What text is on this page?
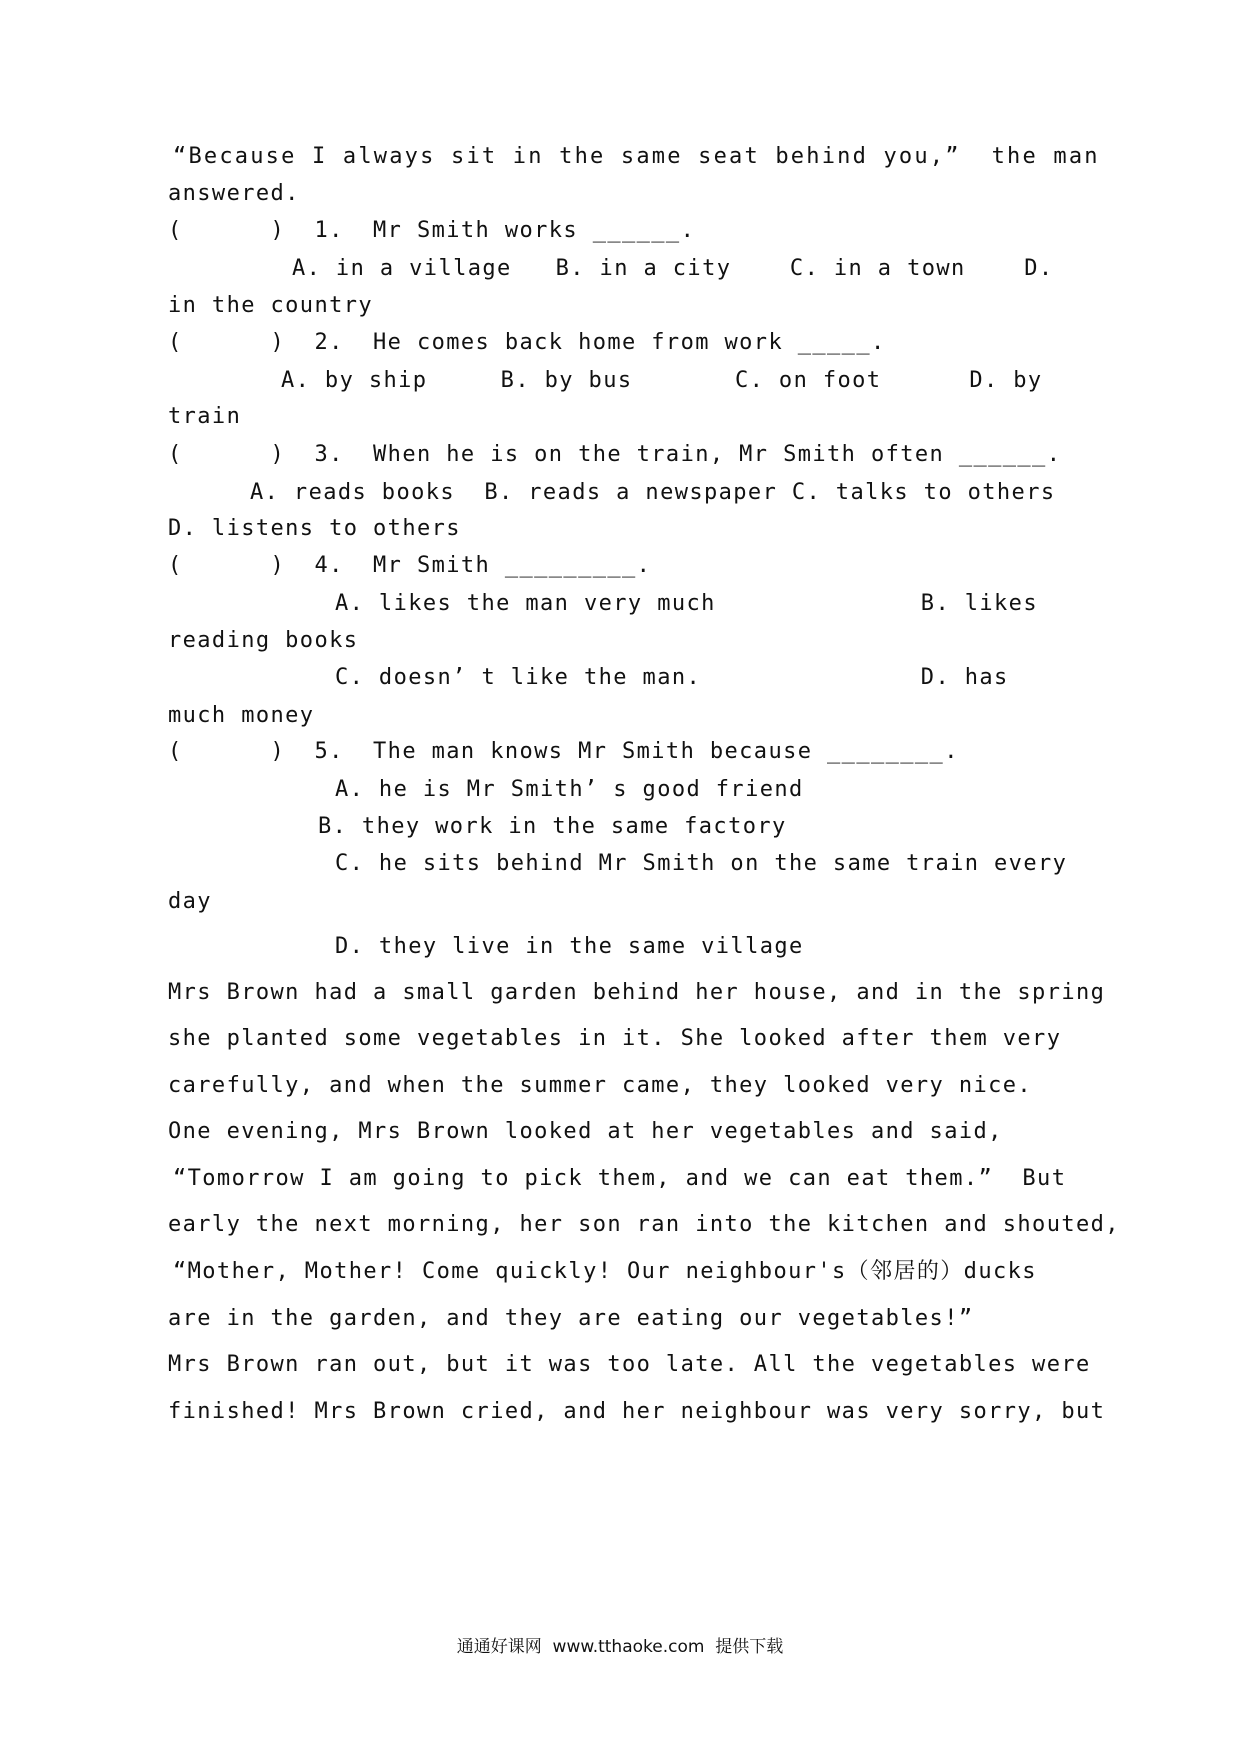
“Because I always sit in the same seat behind you,”  the man

answered.

(      )  1.  Mr Smith works ______.

A. in a village   B. in a city    C. in a town    D.

in the country

(      )  2.  He comes back home from work _____.

A. by ship     B. by bus       C. on foot      D. by

train

(      )  3.  When he is on the train, Mr Smith often ______.

A. reads books  B. reads a newspaper C. talks to others

D. listens to others

(      )  4.  Mr Smith _________.

A. likes the man very much              B. likes

reading books

C. doesn’ t like the man.               D. has

much money

(      )  5.  The man knows Mr Smith because ________.

A. he is Mr Smith’ s good friend

B. they work in the same factory

C. he sits behind Mr Smith on the same train every

day

D. they live in the same village

Mrs Brown had a small garden behind her house, and in the spring

she planted some vegetables in it. She looked after them very

carefully, and when the summer came, they looked very nice.

One evening, Mrs Brown looked at her vegetables and said,

“Tomorrow I am going to pick them, and we can eat them.”  But

early the next morning, her son ran into the kitchen and shouted,

“Mother, Mother! Come quickly! Our neighbour's（邻居的）ducks

are in the garden, and they are eating our vegetables!”

Mrs Brown ran out, but it was too late. All the vegetables were

finished! Mrs Brown cried, and her neighbour was very sorry, but

通通好课网  www.tthaoke.com  提供下载
